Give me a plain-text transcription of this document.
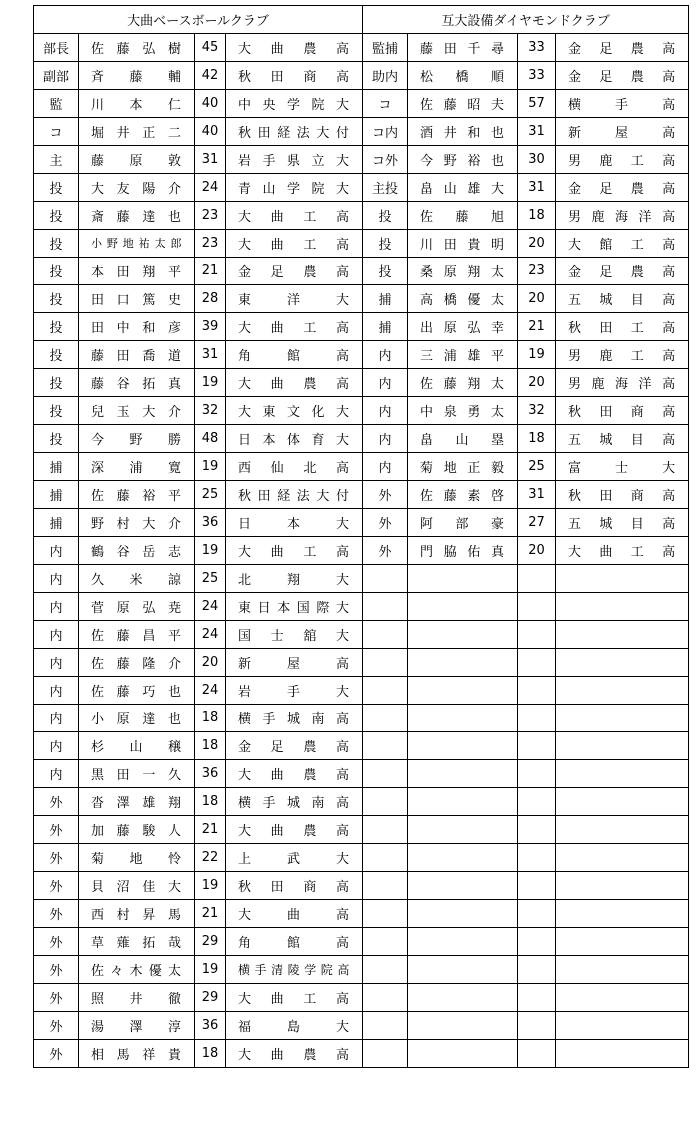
大曲ベースボールクラブ				互大設備ダイヤモンドクラブ			
部長	佐藤弘樹	45	大曲農高	監捕	藤田千尋	33	金足農高
副部	斉藤輔	42	秋田商高	助内	松橋順	33	金足農高
監	川本仁	40	中央学院大	コ	佐藤昭夫	57	横手高
コ	堀井正二	40	秋田経法大付	コ内	酒井和也	31	新屋高
主	藤原敦	31	岩手県立大	コ外	今野裕也	30	男鹿工高
投	大友陽介	24	青山学院大	主投	畠山雄大	31	金足農高
投	斎藤達也	23	大曲工高	投	佐藤旭	18	男鹿海洋高
投	小野地祐太郎	23	大曲工高	投	川田貴明	20	大館工高
投	本田翔平	21	金足農高	投	桑原翔太	23	金足農高
投	田口篤史	28	東洋大	捕	高橋優太	20	五城目高
投	田中和彦	39	大曲工高	捕	出原弘幸	21	秋田工高
投	藤田喬道	31	角館高	内	三浦雄平	19	男鹿工高
投	藤谷拓真	19	大曲農高	内	佐藤翔太	20	男鹿海洋高
投	兒玉大介	32	大東文化大	内	中泉勇太	32	秋田商高
投	今野勝	48	日本体育大	内	畠山塁	18	五城目高
捕	深浦寛	19	西仙北高	内	菊地正毅	25	富士大
捕	佐藤裕平	25	秋田経法大付	外	佐藤素啓	31	秋田商高
捕	野村大介	36	日本大	外	阿部豪	27	五城目高
内	鶴谷岳志	19	大曲工高	外	門脇佑真	20	大曲工高
内	久米諒	25	北翔大				
内	菅原弘尭	24	東日本国際大				
内	佐藤昌平	24	国士舘大				
内	佐藤隆介	20	新屋高				
内	佐藤巧也	24	岩手大				
内	小原達也	18	横手城南高				
内	杉山穣	18	金足農高				
内	黒田一久	36	大曲農高				
外	沓澤雄翔	18	横手城南高				
外	加藤駿人	21	大曲農高				
外	菊地怜	22	上武大				
外	貝沼佳大	19	秋田商高				
外	西村昇馬	21	大曲高				
外	草薙拓哉	29	角館高				
外	佐々木優太	19	横手清陵学院高				
外	照井徹	29	大曲工高				
外	湯澤淳	36	福島大				
外	相馬祥貴	18	大曲農高				
